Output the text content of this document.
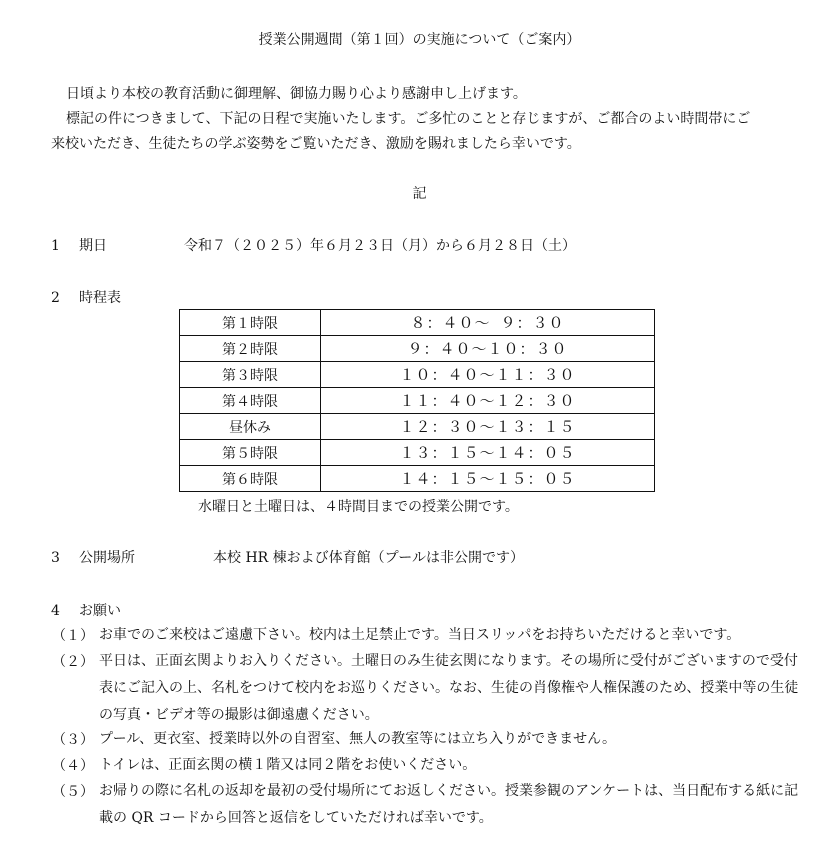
授業公開週間（第１回）の実施について（ご案内）
日頃より本校の教育活動に御理解、御協力賜り心より感謝申し上げます。
標記の件につきまして、下記の日程で実施いたします。ご多忙のことと存じますが、ご都合のよい時間帯にご
来校いただき、生徒たちの学ぶ姿勢をご覧いただき、激励を賜れましたら幸いです。
記
1 期日	令和７（２０２５）年６月２３日（月）から６月２８日（土）
2 時程表
第１時限	８：４０～ ９：３０
第２時限	９：４０～１０：３０
第３時限	１０：４０～１１：３０
第４時限	１１：４０～１２：３０
昼休み	１２：３０～１３：１５
第５時限	１３：１５～１４：０５
第６時限	１４：１５～１５：０５
水曜日と土曜日は、４時間目までの授業公開です。
3 公開場所	本校 HR 棟および体育館（プールは非公開です）
4 お願い
（１） お車でのご来校はご遠慮下さい。校内は土足禁止です。当日スリッパをお持ちいただけると幸いです。
（２） 平日は、正面玄関よりお入りください。土曜日のみ生徒玄関になります。その場所に受付がございますので受付表にご記入の上、名札をつけて校内をお巡りください。なお、生徒の肖像権や人権保護のため、授業中等の生徒の写真・ビデオ等の撮影は御遠慮ください。
（３） プール、更衣室、授業時以外の自習室、無人の教室等には立ち入りができません。
（４） トイレは、正面玄関の横１階又は同２階をお使いください。
（５） お帰りの際に名札の返却を最初の受付場所にてお返しください。授業参観のアンケートは、当日配布する紙に記載の QR コードから回答と返信をしていただければ幸いです。
